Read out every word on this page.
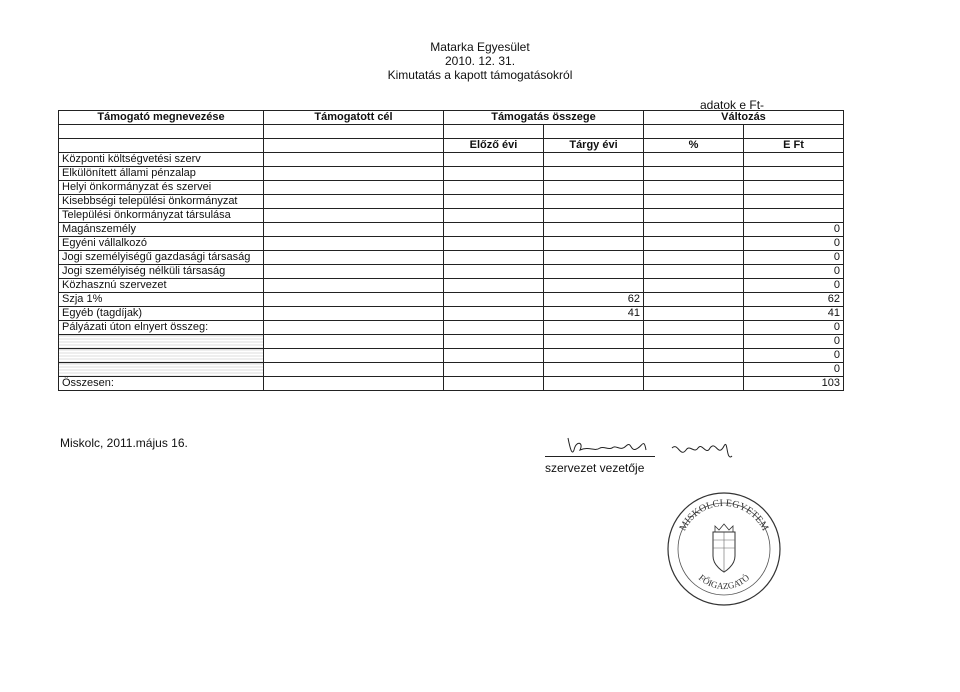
Matarka Egyesület
2010. 12. 31.
Kimutatás a kapott támogatásokról
adatok e Ft-
Támogató megnevezése	Támogatott cél	Támogatás összege		Változás	

		Előző évi	Tárgy évi	%	E Ft
Központi költségvetési szerv					
Elkülönített állami pénzalap					
Helyi önkormányzat és szervei					
Kisebbségi települési önkormányzat					
Települési önkormányzat társulása					
Magánszemély					0
Egyéni vállalkozó					0
Jogi személyiségű gazdasági társaság					0
Jogi személyiség nélküli társaság					0
Közhasznú szervezet					0
Szja 1%			62		62
Egyéb (tagdíjak)			41		41
Pályázati úton elnyert összeg:					0
					0
					0
					0
Összesen:					103
Miskolc, 2011.május 16.
szervezet vezetője
MISKOLCI EGYETEM
FŐIGAZGATÓ
